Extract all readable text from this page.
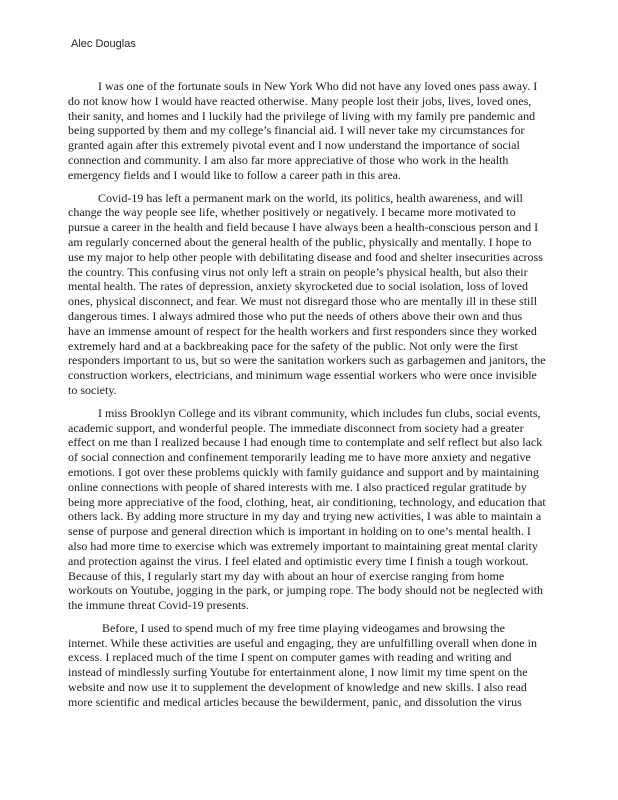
Alec Douglas

I was one of the fortunate souls in New York Who did not have any loved ones pass away. I do not know how I would have reacted otherwise. Many people lost their jobs, lives, loved ones, their sanity, and homes and I luckily had the privilege of living with my family pre pandemic and being supported by them and my college’s financial aid. I will never take my circumstances for granted again after this extremely pivotal event and I now understand the importance of social connection and community. I am also far more appreciative of those who work in the health emergency fields and I would like to follow a career path in this area.

Covid-19 has left a permanent mark on the world, its politics, health awareness, and will change the way people see life, whether positively or negatively. I became more motivated to pursue a career in the health and field because I have always been a health-conscious person and I am regularly concerned about the general health of the public, physically and mentally. I hope to use my major to help other people with debilitating disease and food and shelter insecurities across the country. This confusing virus not only left a strain on people’s physical health, but also their mental health. The rates of depression, anxiety skyrocketed due to social isolation, loss of loved ones, physical disconnect, and fear. We must not disregard those who are mentally ill in these still dangerous times. I always admired those who put the needs of others above their own and thus have an immense amount of respect for the health workers and first responders since they worked extremely hard and at a backbreaking pace for the safety of the public. Not only were the first responders important to us, but so were the sanitation workers such as garbagemen and janitors, the construction workers, electricians, and minimum wage essential workers who were once invisible to society.

I miss Brooklyn College and its vibrant community, which includes fun clubs, social events, academic support, and wonderful people. The immediate disconnect from society had a greater effect on me than I realized because I had enough time to contemplate and self reflect but also lack of social connection and confinement temporarily leading me to have more anxiety and negative emotions. I got over these problems quickly with family guidance and support and by maintaining online connections with people of shared interests with me. I also practiced regular gratitude by being more appreciative of the food, clothing, heat, air conditioning, technology, and education that others lack. By adding more structure in my day and trying new activities, I was able to maintain a sense of purpose and general direction which is important in holding on to one’s mental health. I also had more time to exercise which was extremely important to maintaining great mental clarity and protection against the virus. I feel elated and optimistic every time I finish a tough workout. Because of this, I regularly start my day with about an hour of exercise ranging from home workouts on Youtube, jogging in the park, or jumping rope. The body should not be neglected with the immune threat Covid-19 presents.

Before, I used to spend much of my free time playing videogames and browsing the internet. While these activities are useful and engaging, they are unfulfilling overall when done in excess. I replaced much of the time I spent on computer games with reading and writing and instead of mindlessly surfing Youtube for entertainment alone, I now limit my time spent on the website and now use it to supplement the development of knowledge and new skills. I also read more scientific and medical articles because the bewilderment, panic, and dissolution the virus
